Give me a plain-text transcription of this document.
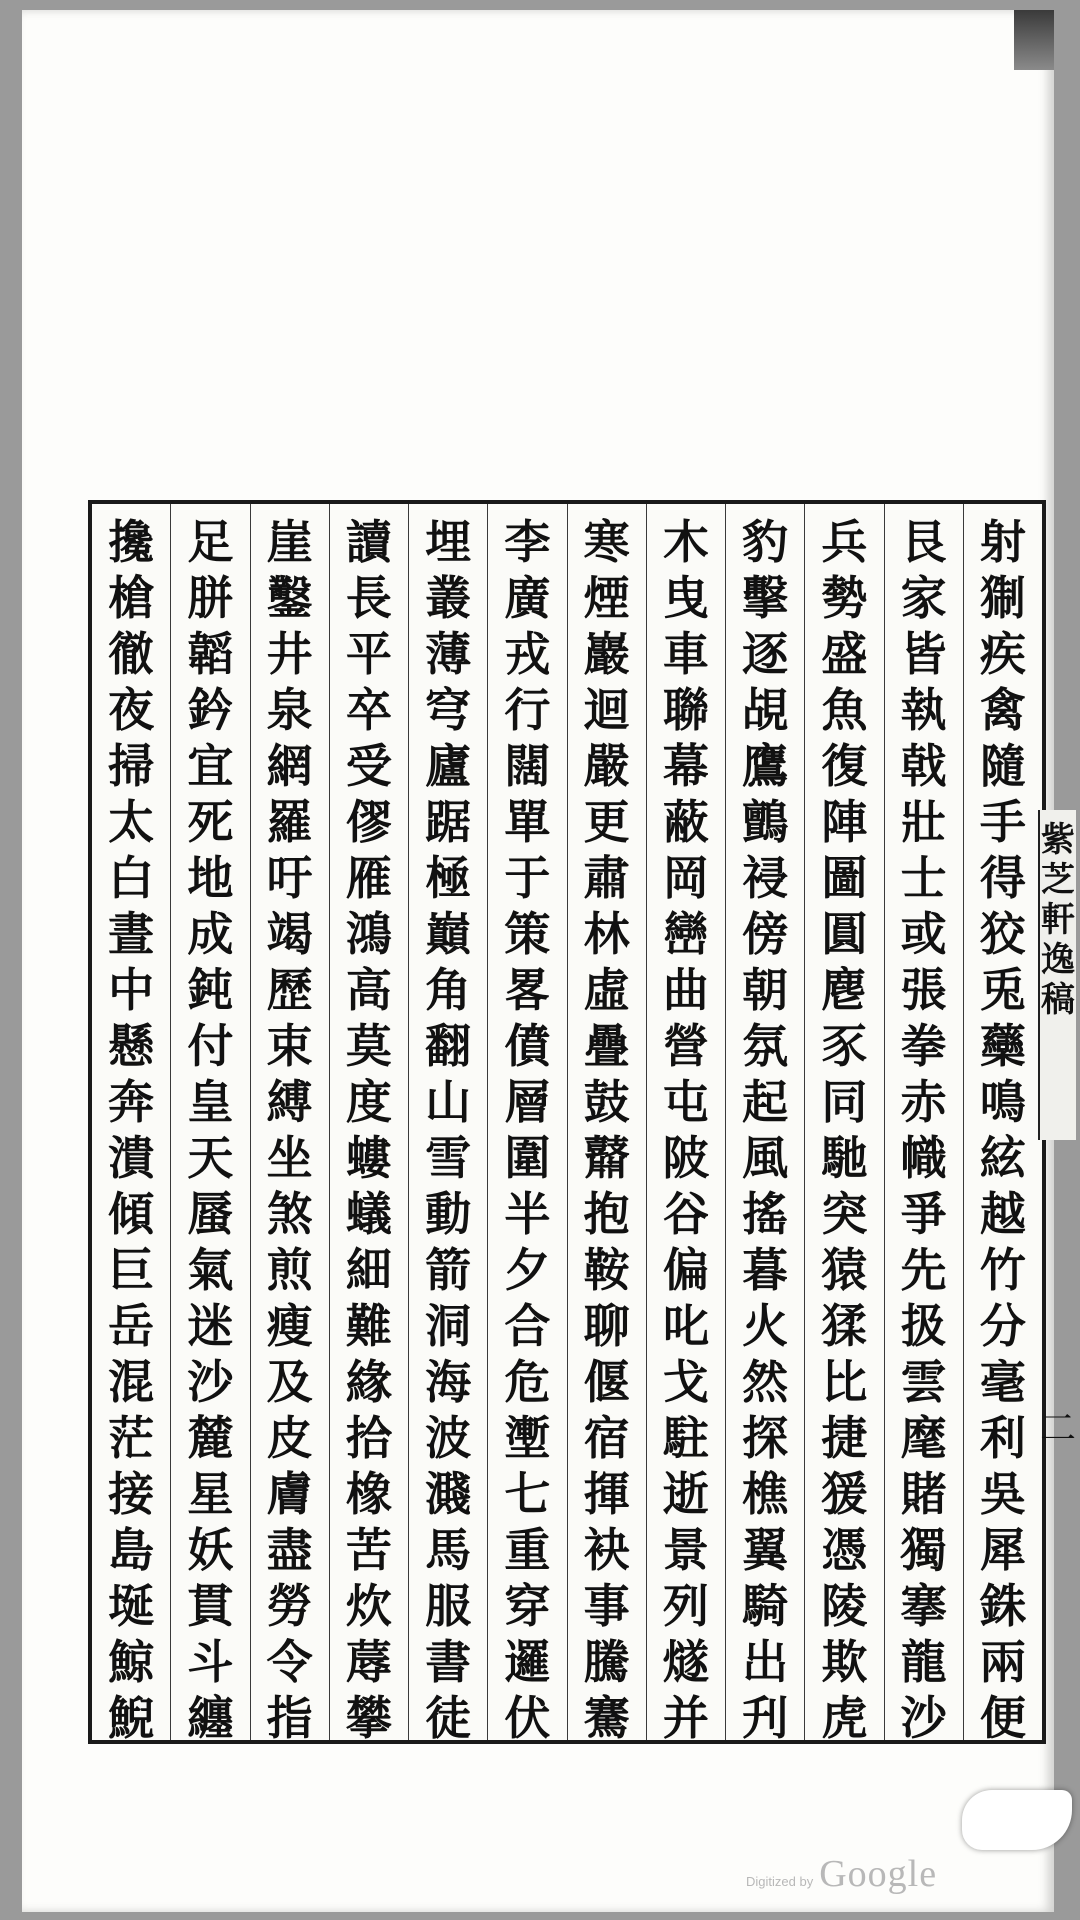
射
猘
疾
禽
隨
手
得
狡
兎
虊
鳴
絃
越
竹
分
毫
利
吳
犀
銖
兩
便
艮
家
皆
執
戟
壯
士
或
張
拳
赤
幟
爭
先
扱
雲
麾
賭
獨
搴
龍
沙
兵
勢
盛
魚
復
陣
圖
圓
麀
豕
同
馳
突
猿
猱
比
捷
猨
憑
陵
欺
虎
豹
擊
逐
覘
鷹
鸇
祲
傍
朝
氛
起
風
搖
暮
火
然
探
樵
翼
騎
出
刋
木
曳
車
聯
幕
蔽
岡
巒
曲
營
屯
陂
谷
偏
叱
戈
駐
逝
景
列
燧
并
寒
煙
巖
迴
嚴
更
肅
林
虛
疊
鼓
鼘
抱
鞍
聊
偃
宿
揮
袂
事
騰
騫
李
廣
戎
行
闊
單
于
策
畧
僨
層
圍
半
夕
合
危
壍
七
重
穿
邏
伏
埋
叢
薄
穹
廬
踞
極
巔
角
翻
山
雪
動
箭
洞
海
波
濺
馬
服
書
徒
讀
長
平
卒
受
僇
雁
鴻
高
莫
度
螻
蟻
細
難
緣
拾
橡
苦
炊
蓐
攀
崖
鑿
井
泉
網
羅
吁
竭
歷
束
縛
坐
煞
煎
瘦
及
皮
膚
盡
勞
令
指
足
胼
韜
鈐
宜
死
地
成
鈍
付
皇
天
蜃
氣
迷
沙
麓
星
妖
貫
斗
纏
攙
槍
徹
夜
掃
太
白
晝
中
懸
奔
潰
傾
巨
岳
混
茫
接
島
埏
鯨
鯢
紫
芝
軒
逸
稿
二
Digitized by Google
